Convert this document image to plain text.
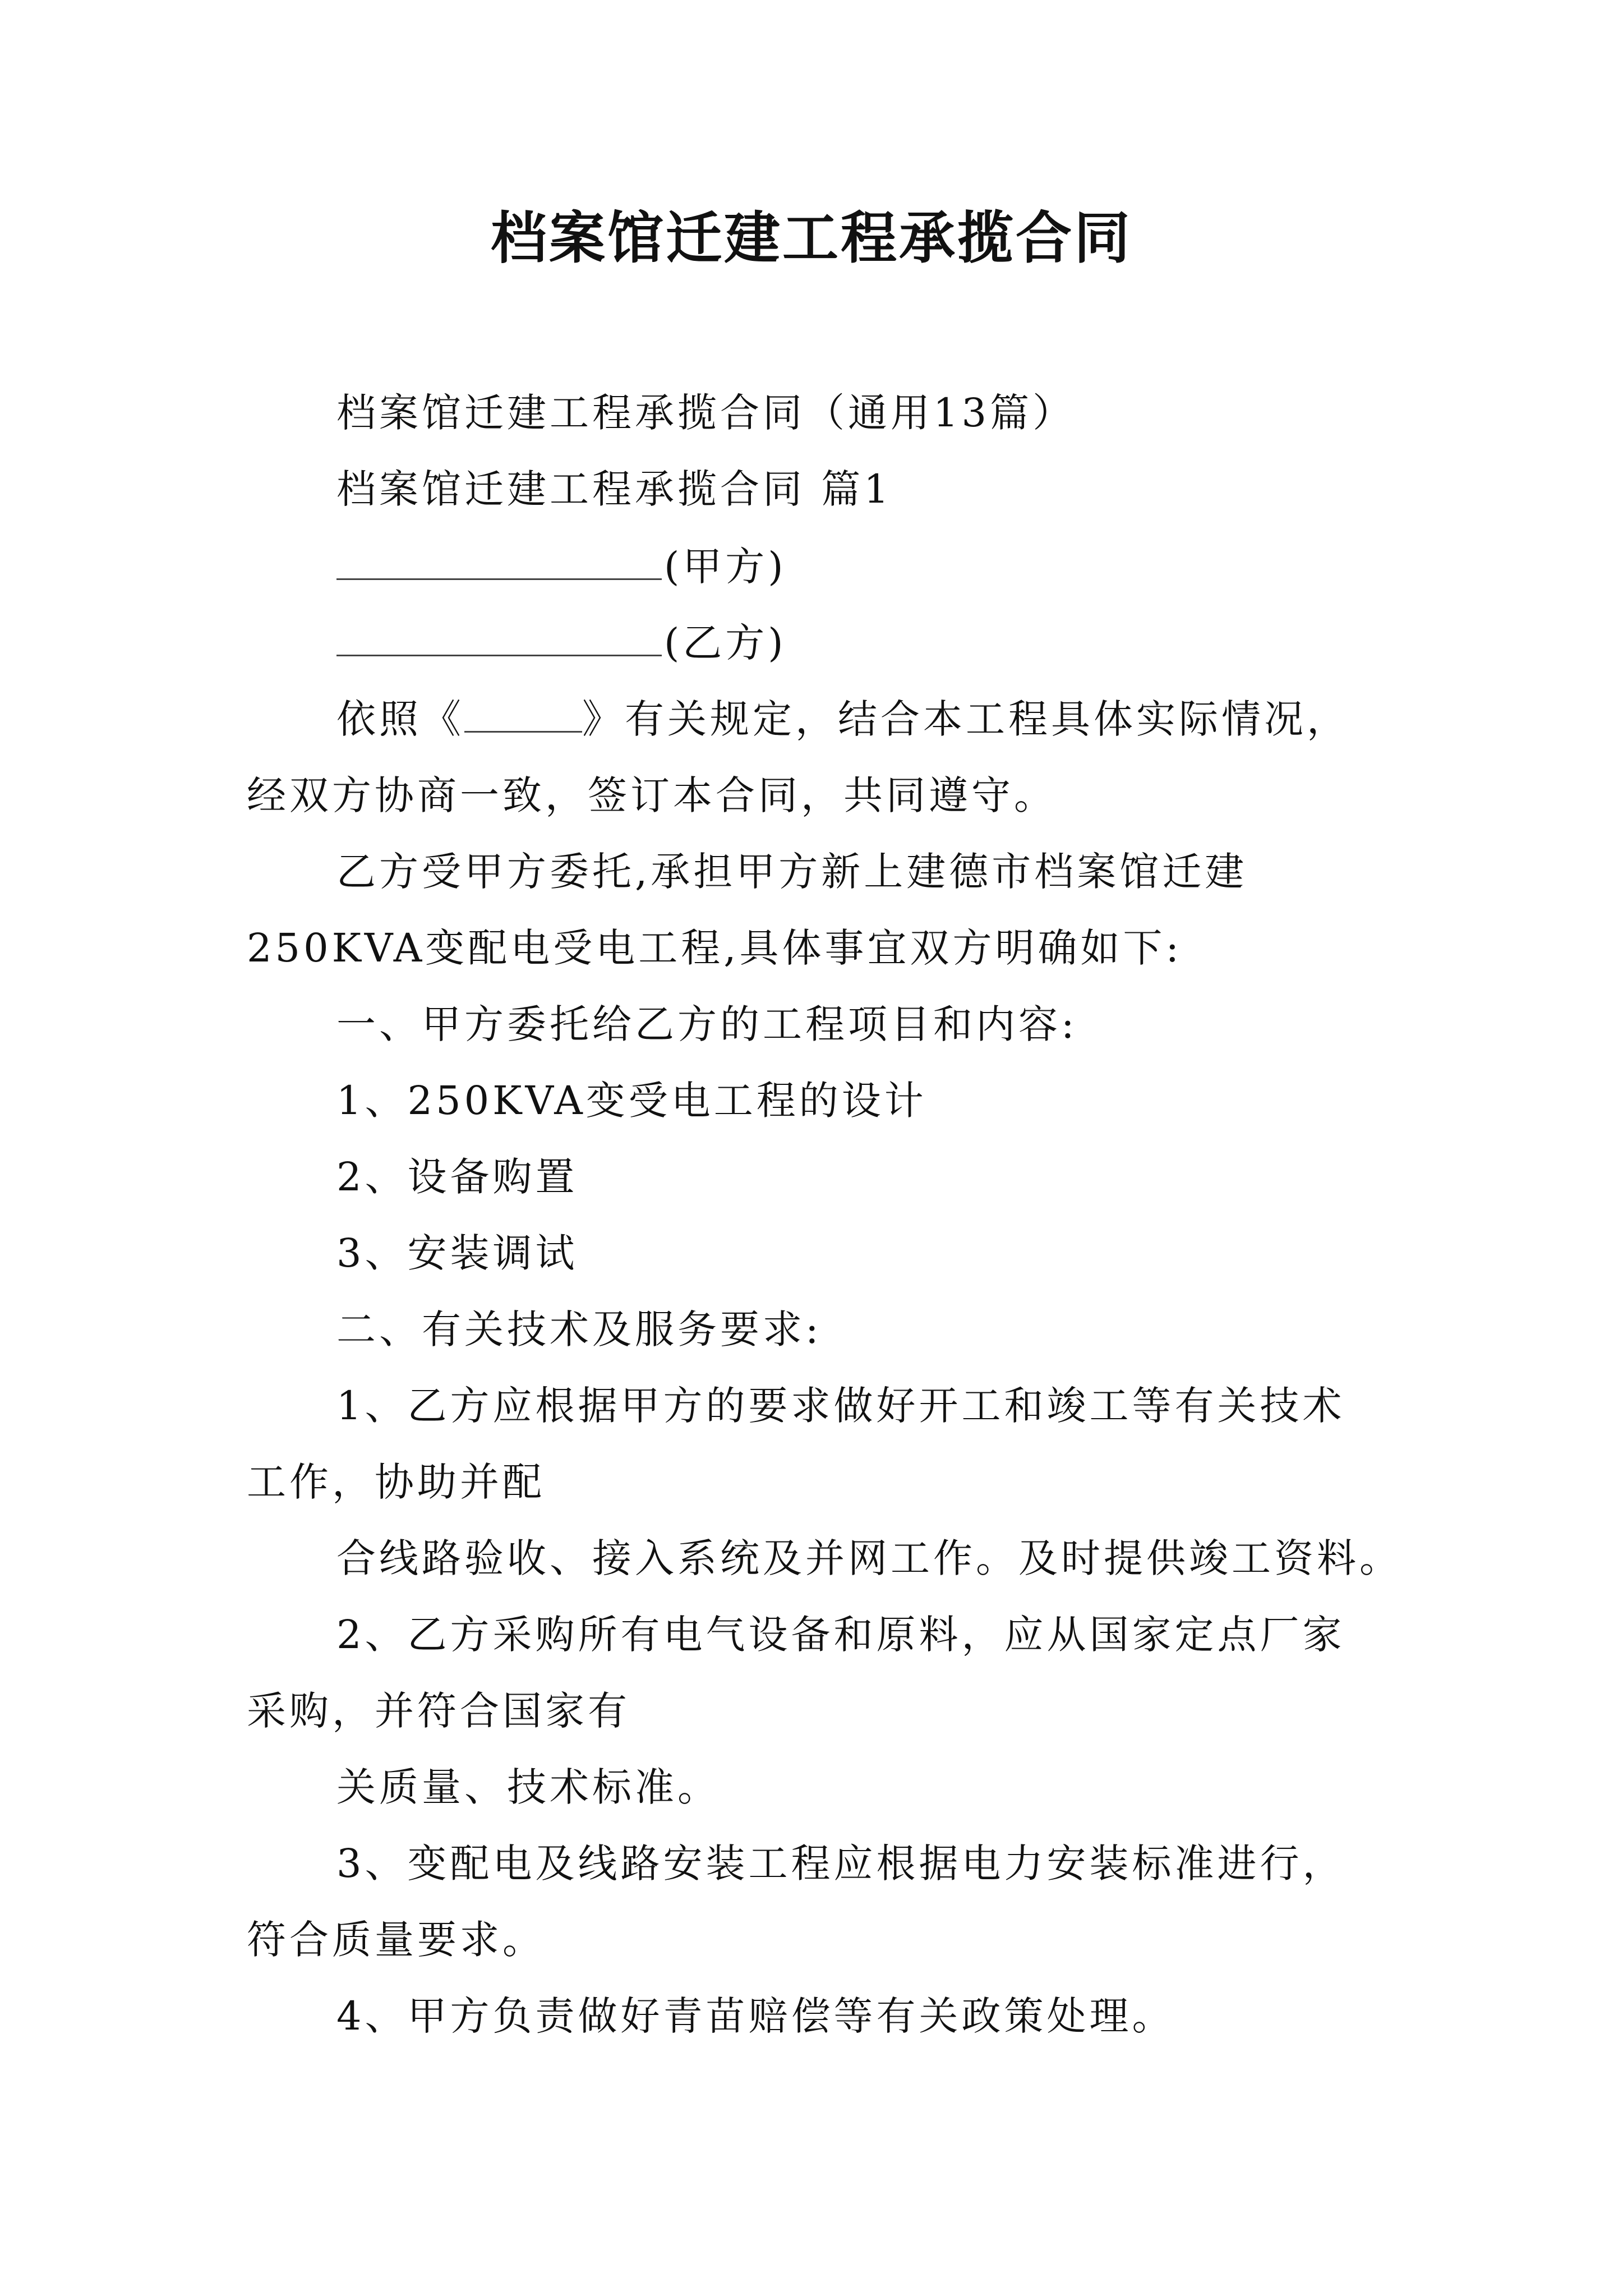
档案馆迁建工程承揽合同
档案馆迁建工程承揽合同（通用13篇）
档案馆迁建工程承揽合同 篇1
(甲方)
(乙方)
依照《	》有关规定，结合本工程具体实际情况，
经双方协商一致，签订本合同，共同遵守。
乙方受甲方委托,承担甲方新上建德市档案馆迁建
250KVA变配电受电工程,具体事宜双方明确如下:
一、甲方委托给乙方的工程项目和内容:
1、250KVA变受电工程的设计
2、设备购置
3、安装调试
二、有关技术及服务要求:
1、乙方应根据甲方的要求做好开工和竣工等有关技术
工作，协助并配
合线路验收、接入系统及并网工作。及时提供竣工资料。
2、乙方采购所有电气设备和原料，应从国家定点厂家
采购，并符合国家有
关质量、技术标准。
3、变配电及线路安装工程应根据电力安装标准进行，
符合质量要求。
4、甲方负责做好青苗赔偿等有关政策处理。
